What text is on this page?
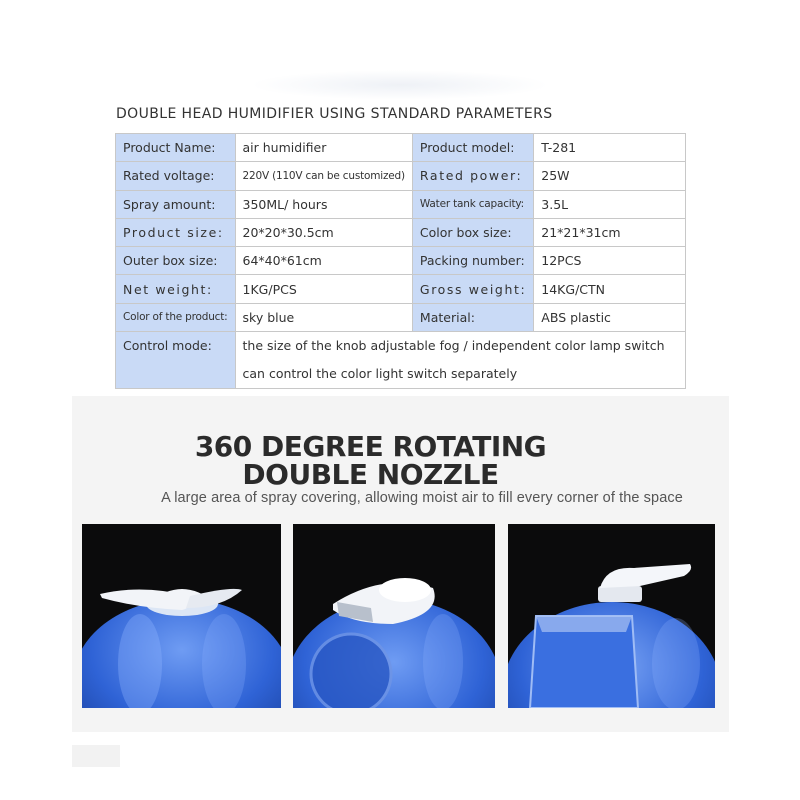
DOUBLE HEAD HUMIDIFIER USING STANDARD PARAMETERS
Product Name:	air humidifier	Product model:	T-281
Rated voltage:	220V (110V can be customized)	Rated power:	25W
Spray amount:	350ML/ hours	Water tank capacity:	3.5L
Product size:	20*20*30.5cm	Color box size:	21*21*31cm
Outer box size:	64*40*61cm	Packing number:	12PCS
Net weight:	1KG/PCS	Gross weight:	14KG/CTN
Color of the product:	sky blue	Material:	ABS plastic
Control mode:	the size of the knob adjustable fog / independent color lamp switch
can control the color light switch separately		
360 DEGREE ROTATING
DOUBLE NOZZLE
A large area of spray covering, allowing moist air to fill every corner of the space
